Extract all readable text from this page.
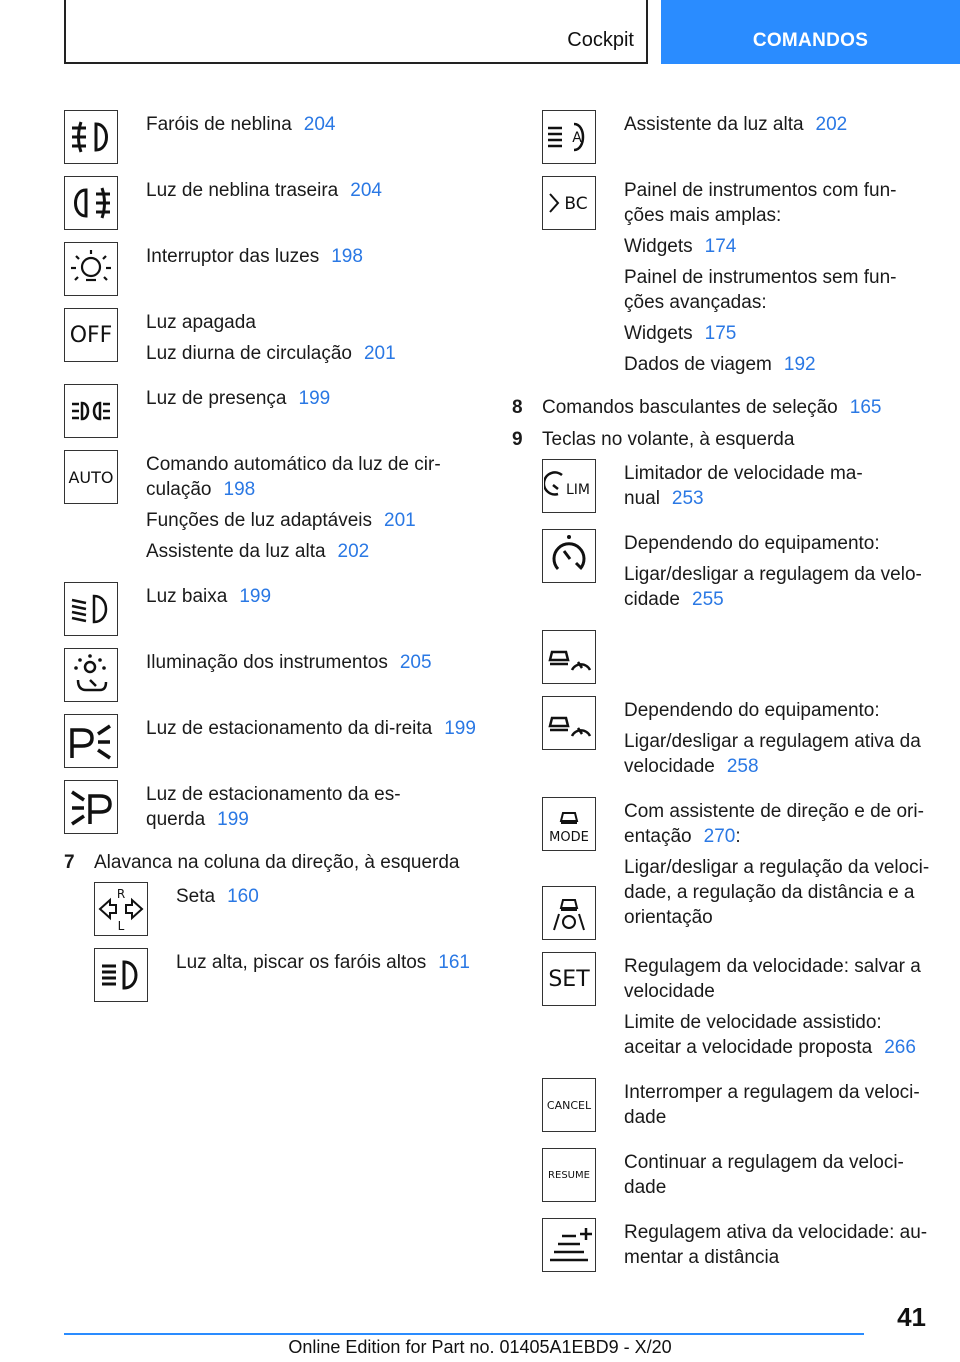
Cockpit	COMANDOS

Faróis de neblina 204

Luz de neblina traseira 204

Interruptor das luzes 198

OFF Luz apagada

Luz diurna de circulação 201

Luz de presença 199

AUTO

Comando automático da luz de cir-culação 198

Funções de luz adaptáveis 201

Assistente da luz alta 202

Luz baixa 199

Iluminação dos instrumentos 205

Luz de estacionamento da di-reita 199

Luz de estacionamento da es-querda 199

7	Alavanca na coluna da direção, à esquerda
R
L

Seta 160

Luz alta, piscar os faróis altos 161

A

Assistente da luz alta 202

BC

Painel de instrumentos com fun-ções mais amplas:

Widgets 174

Painel de instrumentos sem fun-ções avançadas:

Widgets 175

Dados de viagem 192

8	Comandos basculantes de seleção 165
9	Teclas no volante, à esquerda
LIM

Limitador de velocidade ma-nual 253

Dependendo do equipamento:

Ligar/desligar a regulagem da velo-cidade 255

Dependendo do equipamento:

Ligar/desligar a regulagem ativa da velocidade 258

MODE

Com assistente de direção e de ori-entação 270:

Ligar/desligar a regulação da veloci-dade, a regulação da distância e a orientação

SET Regulagem da velocidade: salvar a velocidade

Limite de velocidade assistido: aceitar a velocidade proposta 266

CANCEL

Interromper a regulagem da veloci-dade

RESUME

Continuar a regulagem da veloci-dade

Regulagem ativa da velocidade: au-mentar a distância

41
Online Edition for Part no. 01405A1EBD9 - X/20
